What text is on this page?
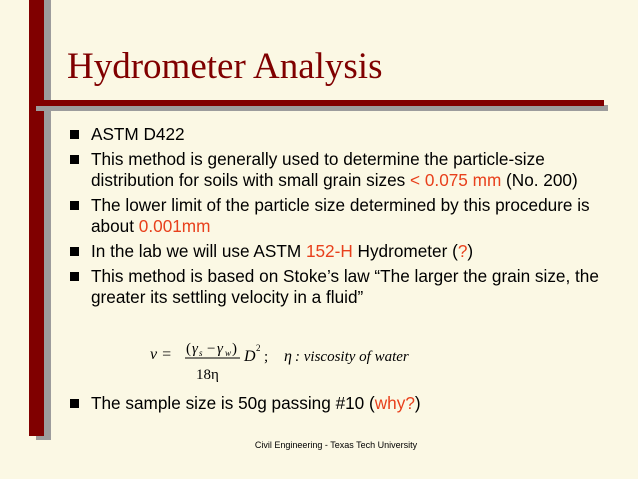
Hydrometer Analysis
ASTM D422
This method is generally used to determine the particle-size distribution for soils with small grain sizes < 0.075 mm (No. 200)
The lower limit of the particle size determined by this procedure is about 0.001mm
In the lab we will use ASTM 152-H Hydrometer (?)
This method is based on Stoke’s law “The larger the grain size, the greater its settling velocity in a fluid”
v = ( γ s − γ w )
18η
D 2
; η : viscosity of water
The sample size is 50g passing #10 (why?)
Civil Engineering - Texas Tech University
